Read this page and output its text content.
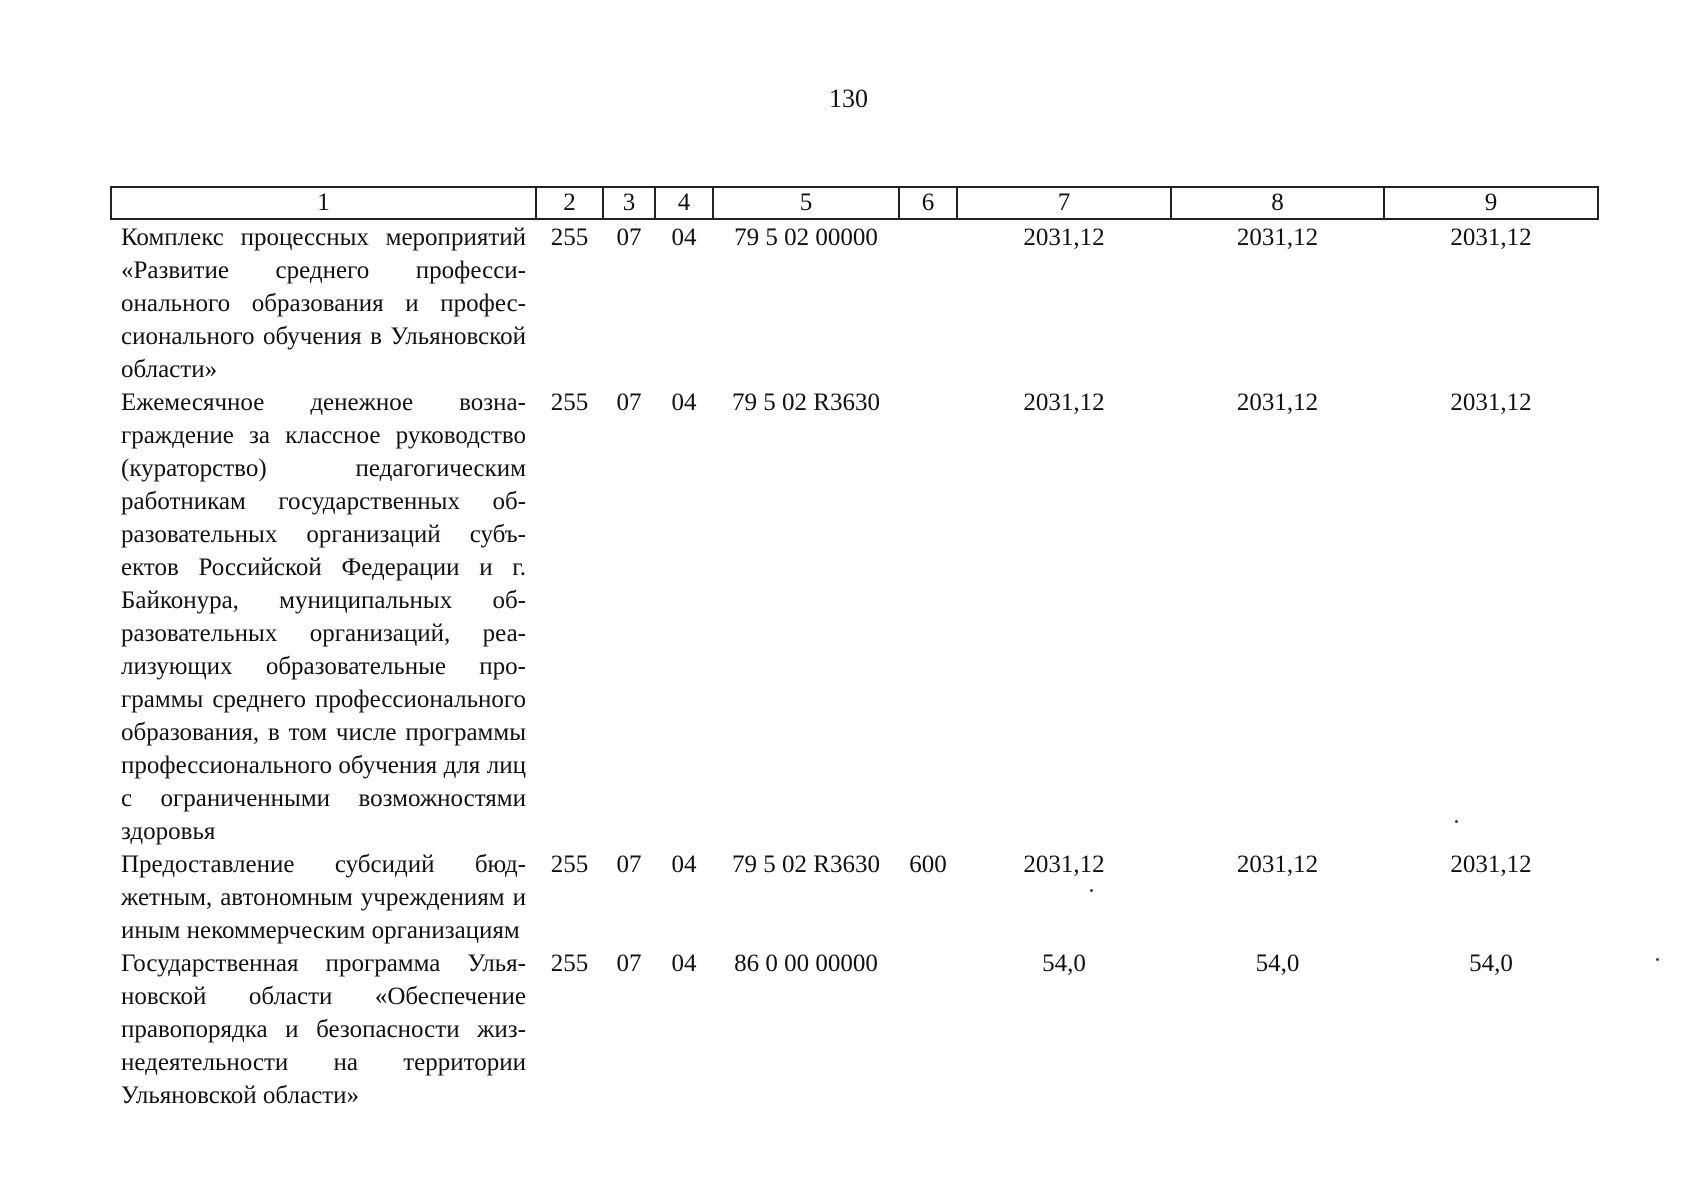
130
1	2	3	4	5	6	7	8	9
Комплекс процессных мероприятий «Развитие среднего профессионального образования и профессионального обучения в Ульяновской области»	255	07	04	79 5 02 00000		2031,12	2031,12	2031,12
Ежемесячное денежное вознаграждение за классное руководство (кураторство) педагогическим работникам государственных образовательных организаций субъектов Российской Федерации и г. Байконура, муниципальных образовательных организаций, реализующих образовательные программы среднего профессионального образования, в том числе программы профессионального обучения для лиц с ограниченными возможностями здоровья	255	07	04	79 5 02 R3630		2031,12	2031,12	2031,12
Предоставление субсидий бюджетным, автономным учреждениям и иным некоммерческим организациям	255	07	04	79 5 02 R3630	600	2031,12	2031,12	2031,12
Государственная программа Ульяновской области «Обеспечение правопорядка и безопасности жизнедеятельности на территории Ульяновской области»	255	07	04	86 0 00 00000		54,0	54,0	54,0
